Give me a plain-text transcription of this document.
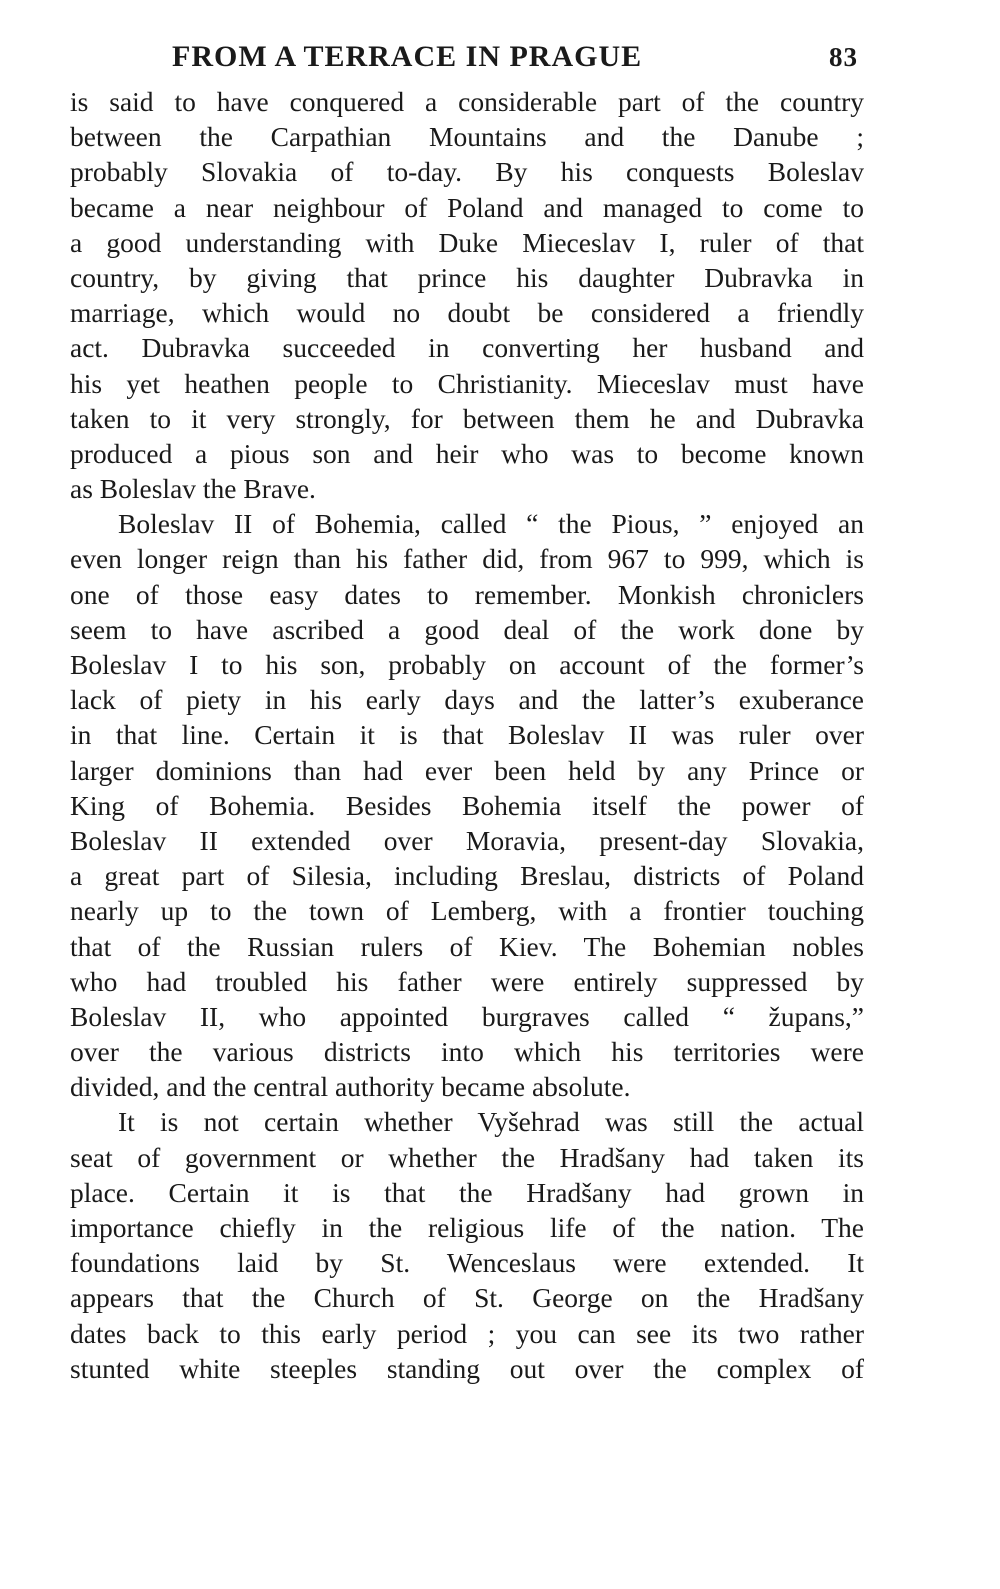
FROM A TERRACE IN PRAGUE	83
is said to have conquered a considerable part of the country
between the Carpathian Mountains and the Danube ;
probably Slovakia of to-day. By his conquests Boleslav
became a near neighbour of Poland and managed to come to
a good understanding with Duke Mieceslav I, ruler of that
country, by giving that prince his daughter Dubravka in
marriage, which would no doubt be considered a friendly
act. Dubravka succeeded in converting her husband and
his yet heathen people to Christianity. Mieceslav must have
taken to it very strongly, for between them he and Dubravka
produced a pious son and heir who was to become known
as Boleslav the Brave.
Boleslav II of Bohemia, called “ the Pious, ” enjoyed an
even longer reign than his father did, from 967 to 999, which is
one of those easy dates to remember. Monkish chroniclers
seem to have ascribed a good deal of the work done by
Boleslav I to his son, probably on account of the former’s
lack of piety in his early days and the latter’s exuberance
in that line. Certain it is that Boleslav II was ruler over
larger dominions than had ever been held by any Prince or
King of Bohemia. Besides Bohemia itself the power of
Boleslav II extended over Moravia, present-day Slovakia,
a great part of Silesia, including Breslau, districts of Poland
nearly up to the town of Lemberg, with a frontier touching
that of the Russian rulers of Kiev. The Bohemian nobles
who had troubled his father were entirely suppressed by
Boleslav II, who appointed burgraves called “ župans,”
over the various districts into which his territories were
divided, and the central authority became absolute.
It is not certain whether Vyšehrad was still the actual
seat of government or whether the Hradšany had taken its
place. Certain it is that the Hradšany had grown in
importance chiefly in the religious life of the nation. The
foundations laid by St. Wenceslaus were extended. It
appears that the Church of St. George on the Hradšany
dates back to this early period ; you can see its two rather
stunted white steeples standing out over the complex of
